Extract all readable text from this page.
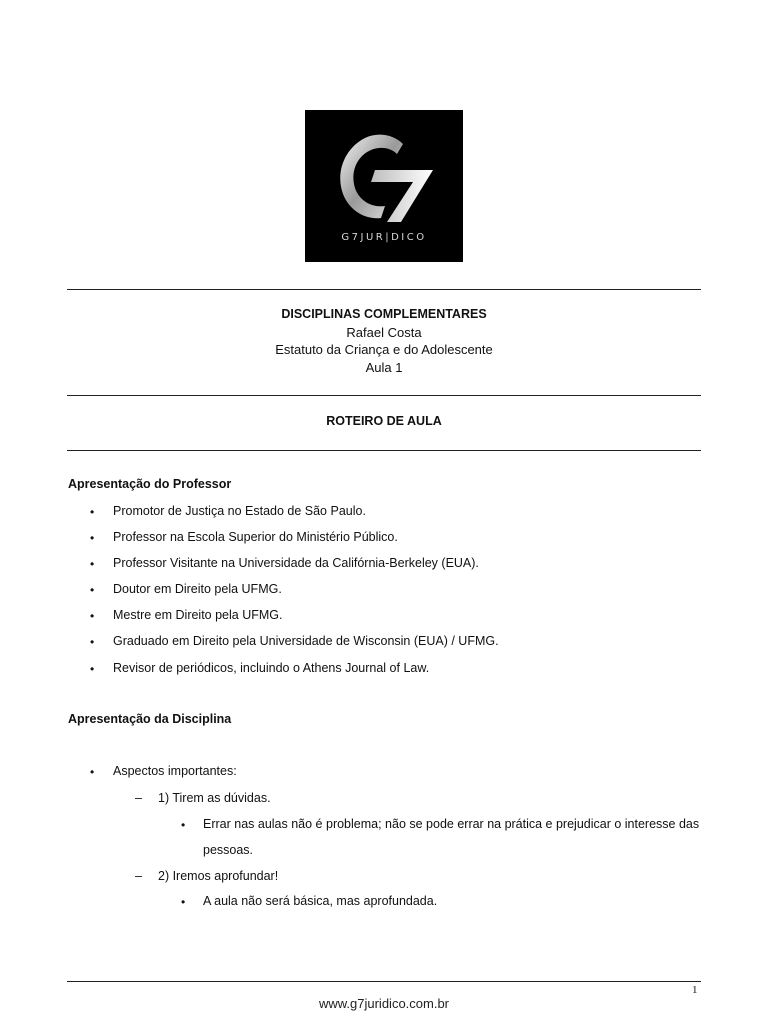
G7JUR|DICO
DISCIPLINAS COMPLEMENTARES
Rafael Costa
Estatuto da Criança e do Adolescente
Aula 1
ROTEIRO DE AULA
Apresentação do Professor
• Promotor de Justiça no Estado de São Paulo.
• Professor na Escola Superior do Ministério Público.
• Professor Visitante na Universidade da Califórnia-Berkeley (EUA).
• Doutor em Direito pela UFMG.
• Mestre em Direito pela UFMG.
• Graduado em Direito pela Universidade de Wisconsin (EUA) / UFMG.
• Revisor de periódicos, incluindo o Athens Journal of Law.
Apresentação da Disciplina
• Aspectos importantes:
– 1) Tirem as dúvidas.
• Errar nas aulas não é problema; não se pode errar na prática e prejudicar o interesse das
pessoas.
– 2) Iremos aprofundar!
• A aula não será básica, mas aprofundada.
1
www.g7juridico.com.br
